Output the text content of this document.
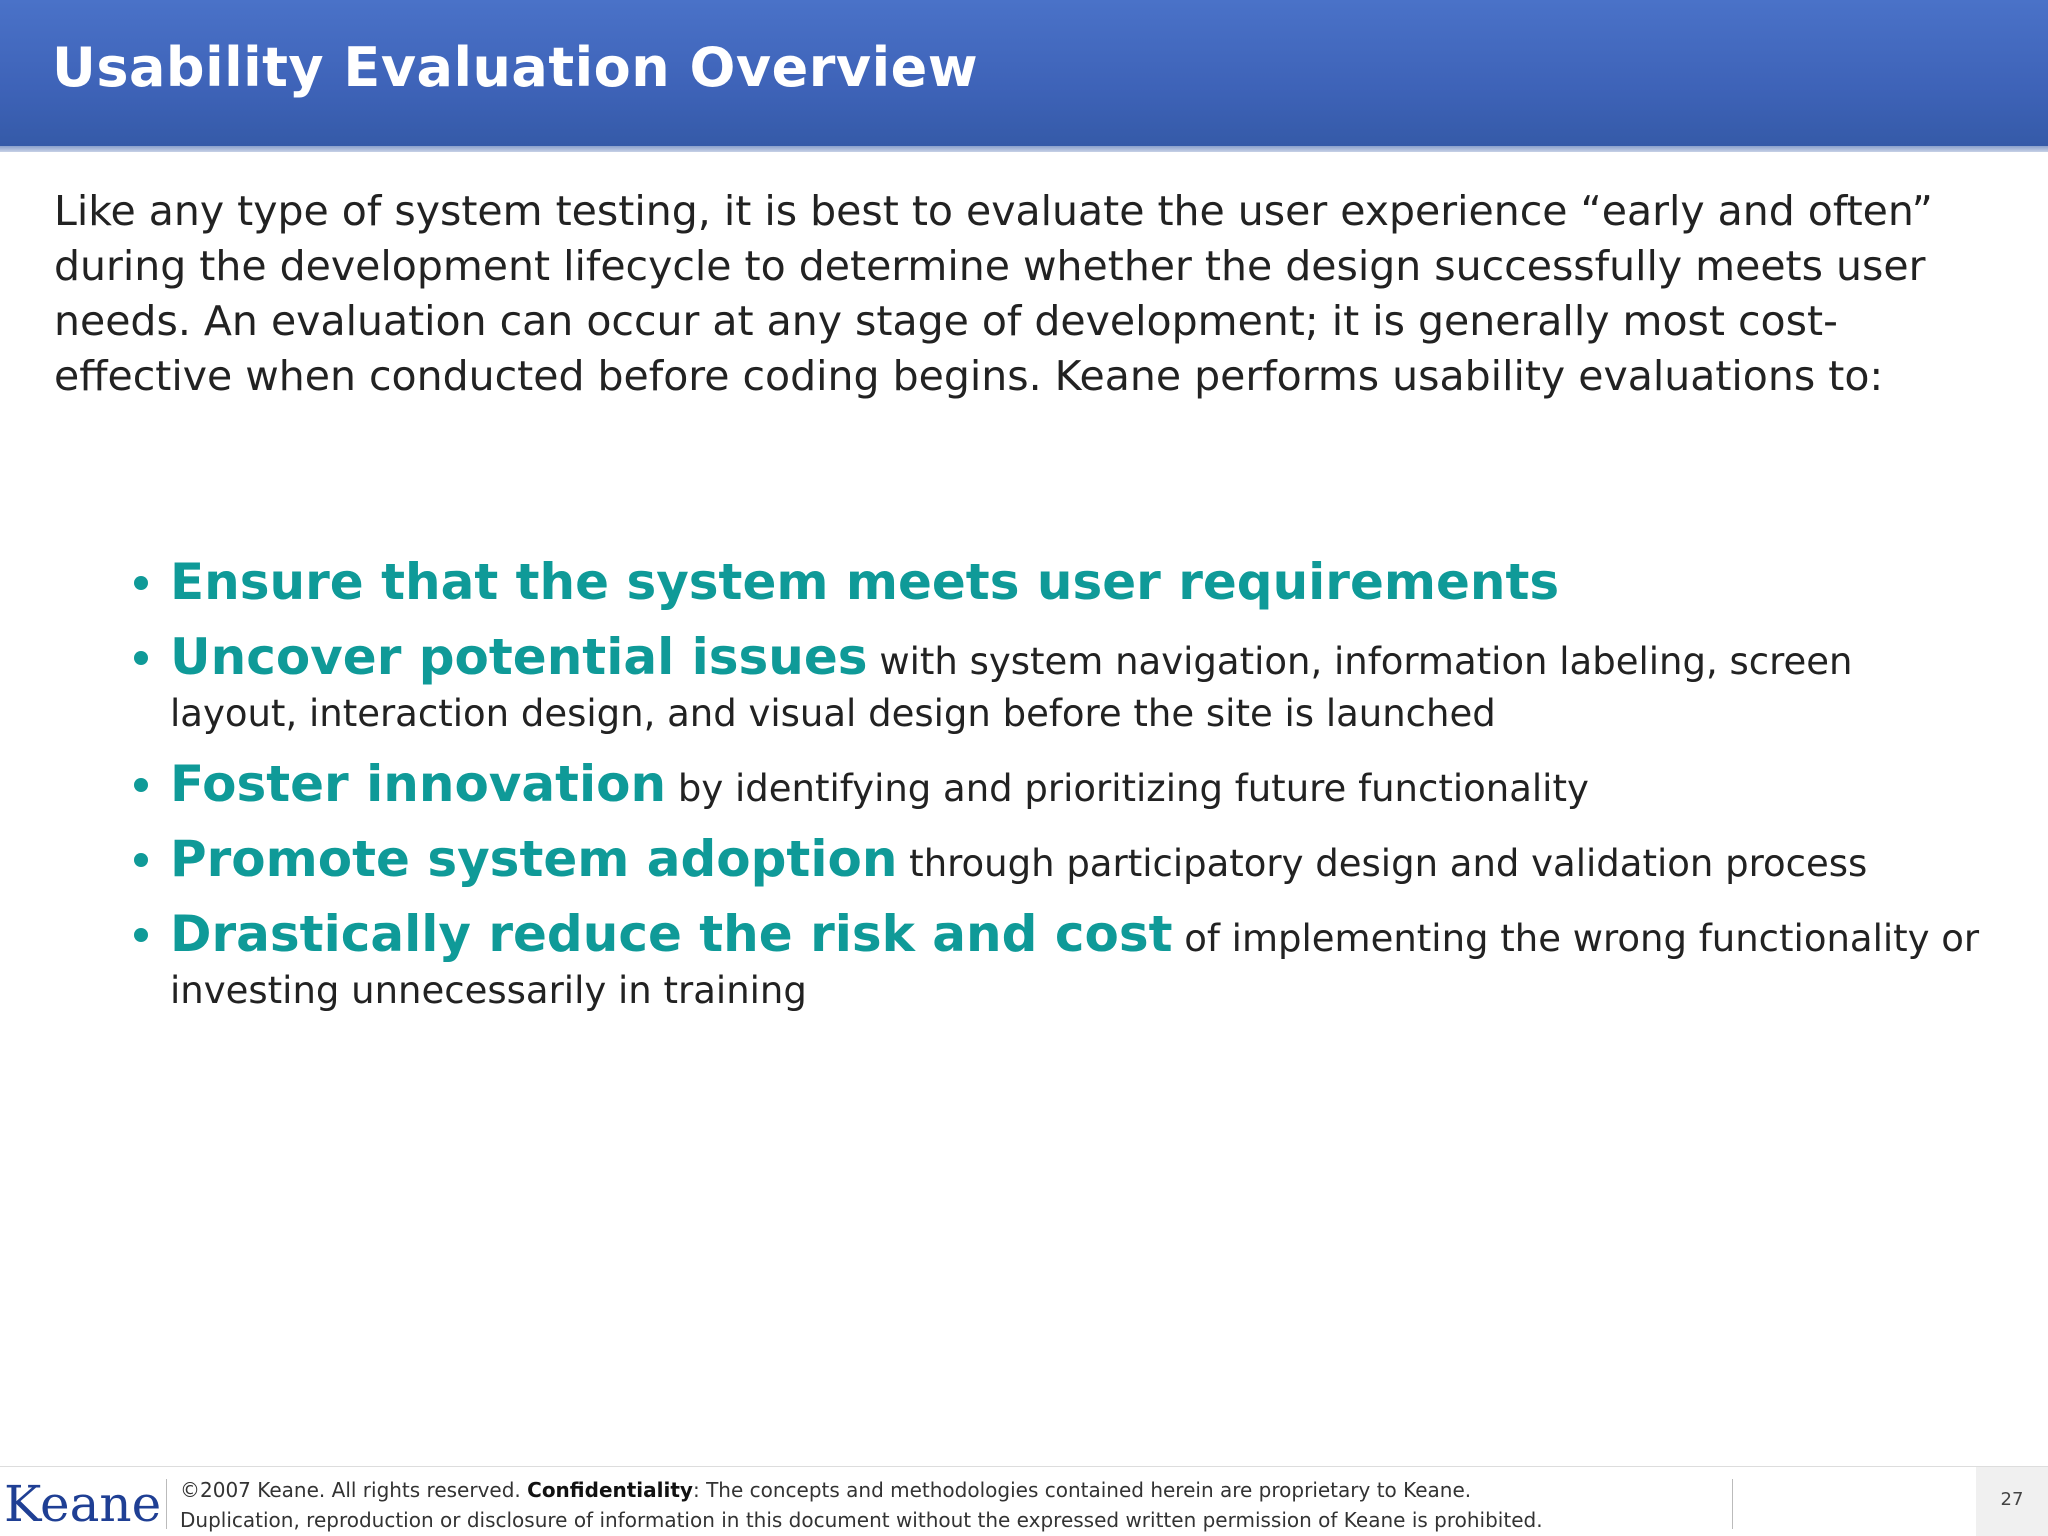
Usability Evaluation Overview
Like any type of system testing, it is best to evaluate the user experience “early and often” during the development lifecycle to determine whether the design successfully meets user needs. An evaluation can occur at any stage of development; it is generally most cost-effective when conducted before coding begins. Keane performs usability evaluations to:
Ensure that the system meets user requirements
Uncover potential issues with system navigation, information labeling, screen layout, interaction design, and visual design before the site is launched
Foster innovation by identifying and prioritizing future functionality
Promote system adoption through participatory design and validation process
Drastically reduce the risk and cost of implementing the wrong functionality or investing unnecessarily in training
Keane ©2007 Keane. All rights reserved. Confidentiality: The concepts and methodologies contained herein are proprietary to Keane.
Duplication, reproduction or disclosure of information in this document without the expressed written permission of Keane is prohibited.
27
